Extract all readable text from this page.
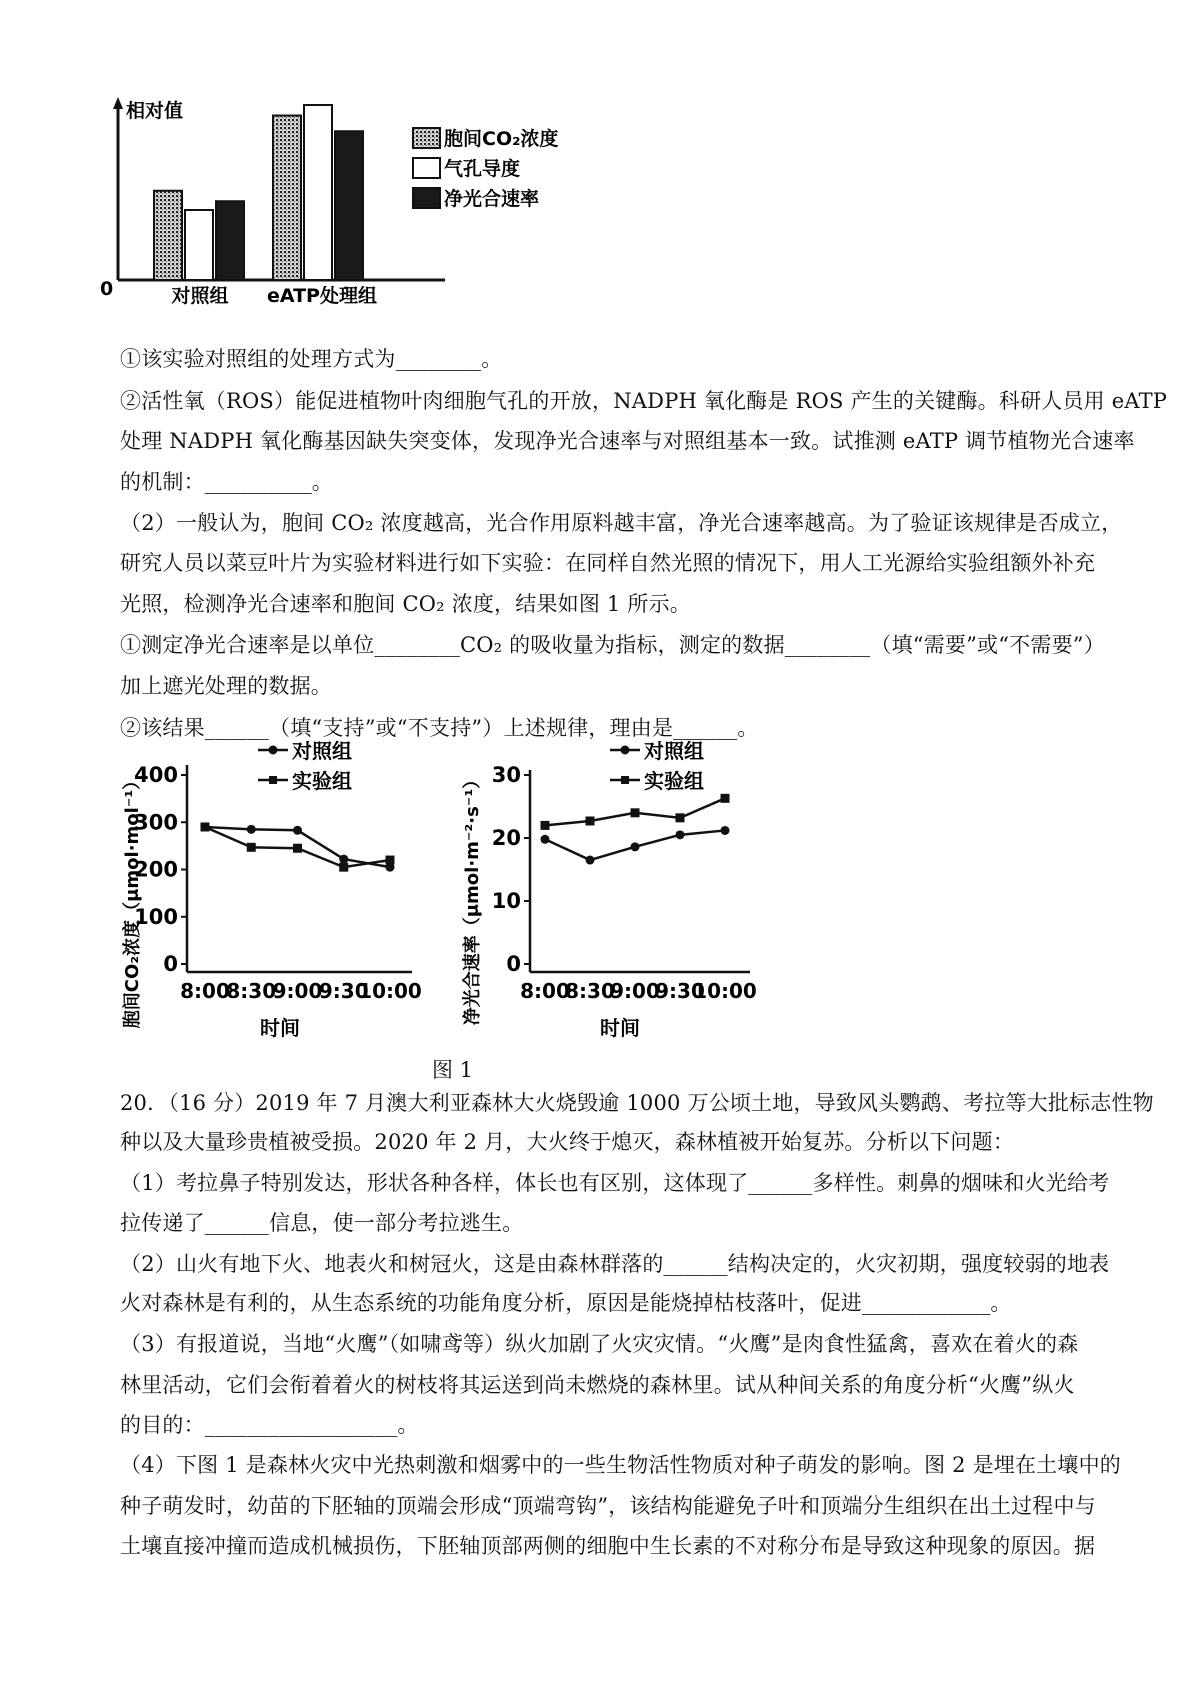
相对值
0	对照组 eATP处理组
胞间CO₂浓度
气孔导度
净光合速率
①该实验对照组的处理方式为________。
②活性氧（ROS）能促进植物叶肉细胞气孔的开放，NADPH 氧化酶是 ROS 产生的关键酶。科研人员用 eATP
处理 NADPH 氧化酶基因缺失突变体，发现净光合速率与对照组基本一致。试推测 eATP 调节植物光合速率
的机制：__________。
（2）一般认为，胞间 CO₂ 浓度越高，光合作用原料越丰富，净光合速率越高。为了验证该规律是否成立，
研究人员以菜豆叶片为实验材料进行如下实验：在同样自然光照的情况下，用人工光源给实验组额外补充
光照，检测净光合速率和胞间 CO₂ 浓度，结果如图 1 所示。
①测定净光合速率是以单位________CO₂ 的吸收量为指标，测定的数据________（填“需要”或“不需要”）
加上遮光处理的数据。
②该结果______（填“支持”或“不支持”）上述规律，理由是______。
胞间CO₂浓度（μmol·mol⁻¹） 0
100
200
300
400
8:00
8:30
9:00
9:30
10:00
对照组
实验组
时间
净光合速率（μmol·m⁻²·s⁻¹） 0
10
20
30
8:00
8:30
9:00
9:30
10:00
对照组
实验组
时间
图 1
20．（16 分）2019 年 7 月澳大利亚森林大火烧毁逾 1000 万公顷土地，导致风头鹦鹉、考拉等大批标志性物
种以及大量珍贵植被受损。2020 年 2 月，大火终于熄灭，森林植被开始复苏。分析以下问题：
（1）考拉鼻子特别发达，形状各种各样，体长也有区别，这体现了______多样性。刺鼻的烟味和火光给考
拉传递了______信息，使一部分考拉逃生。
（2）山火有地下火、地表火和树冠火，这是由森林群落的______结构决定的，火灾初期，强度较弱的地表
火对森林是有利的，从生态系统的功能角度分析，原因是能烧掉枯枝落叶，促进____________。
（3）有报道说，当地“火鹰”（如啸鸢等）纵火加剧了火灾灾情。“火鹰”是肉食性猛禽，喜欢在着火的森
林里活动，它们会衔着着火的树枝将其运送到尚未燃烧的森林里。试从种间关系的角度分析“火鹰”纵火
的目的：__________________。
（4）下图 1 是森林火灾中光热刺激和烟雾中的一些生物活性物质对种子萌发的影响。图 2 是埋在土壤中的
种子萌发时，幼苗的下胚轴的顶端会形成“顶端弯钩”，该结构能避免子叶和顶端分生组织在出土过程中与
土壤直接冲撞而造成机械损伤，下胚轴顶部两侧的细胞中生长素的不对称分布是导致这种现象的原因。据
